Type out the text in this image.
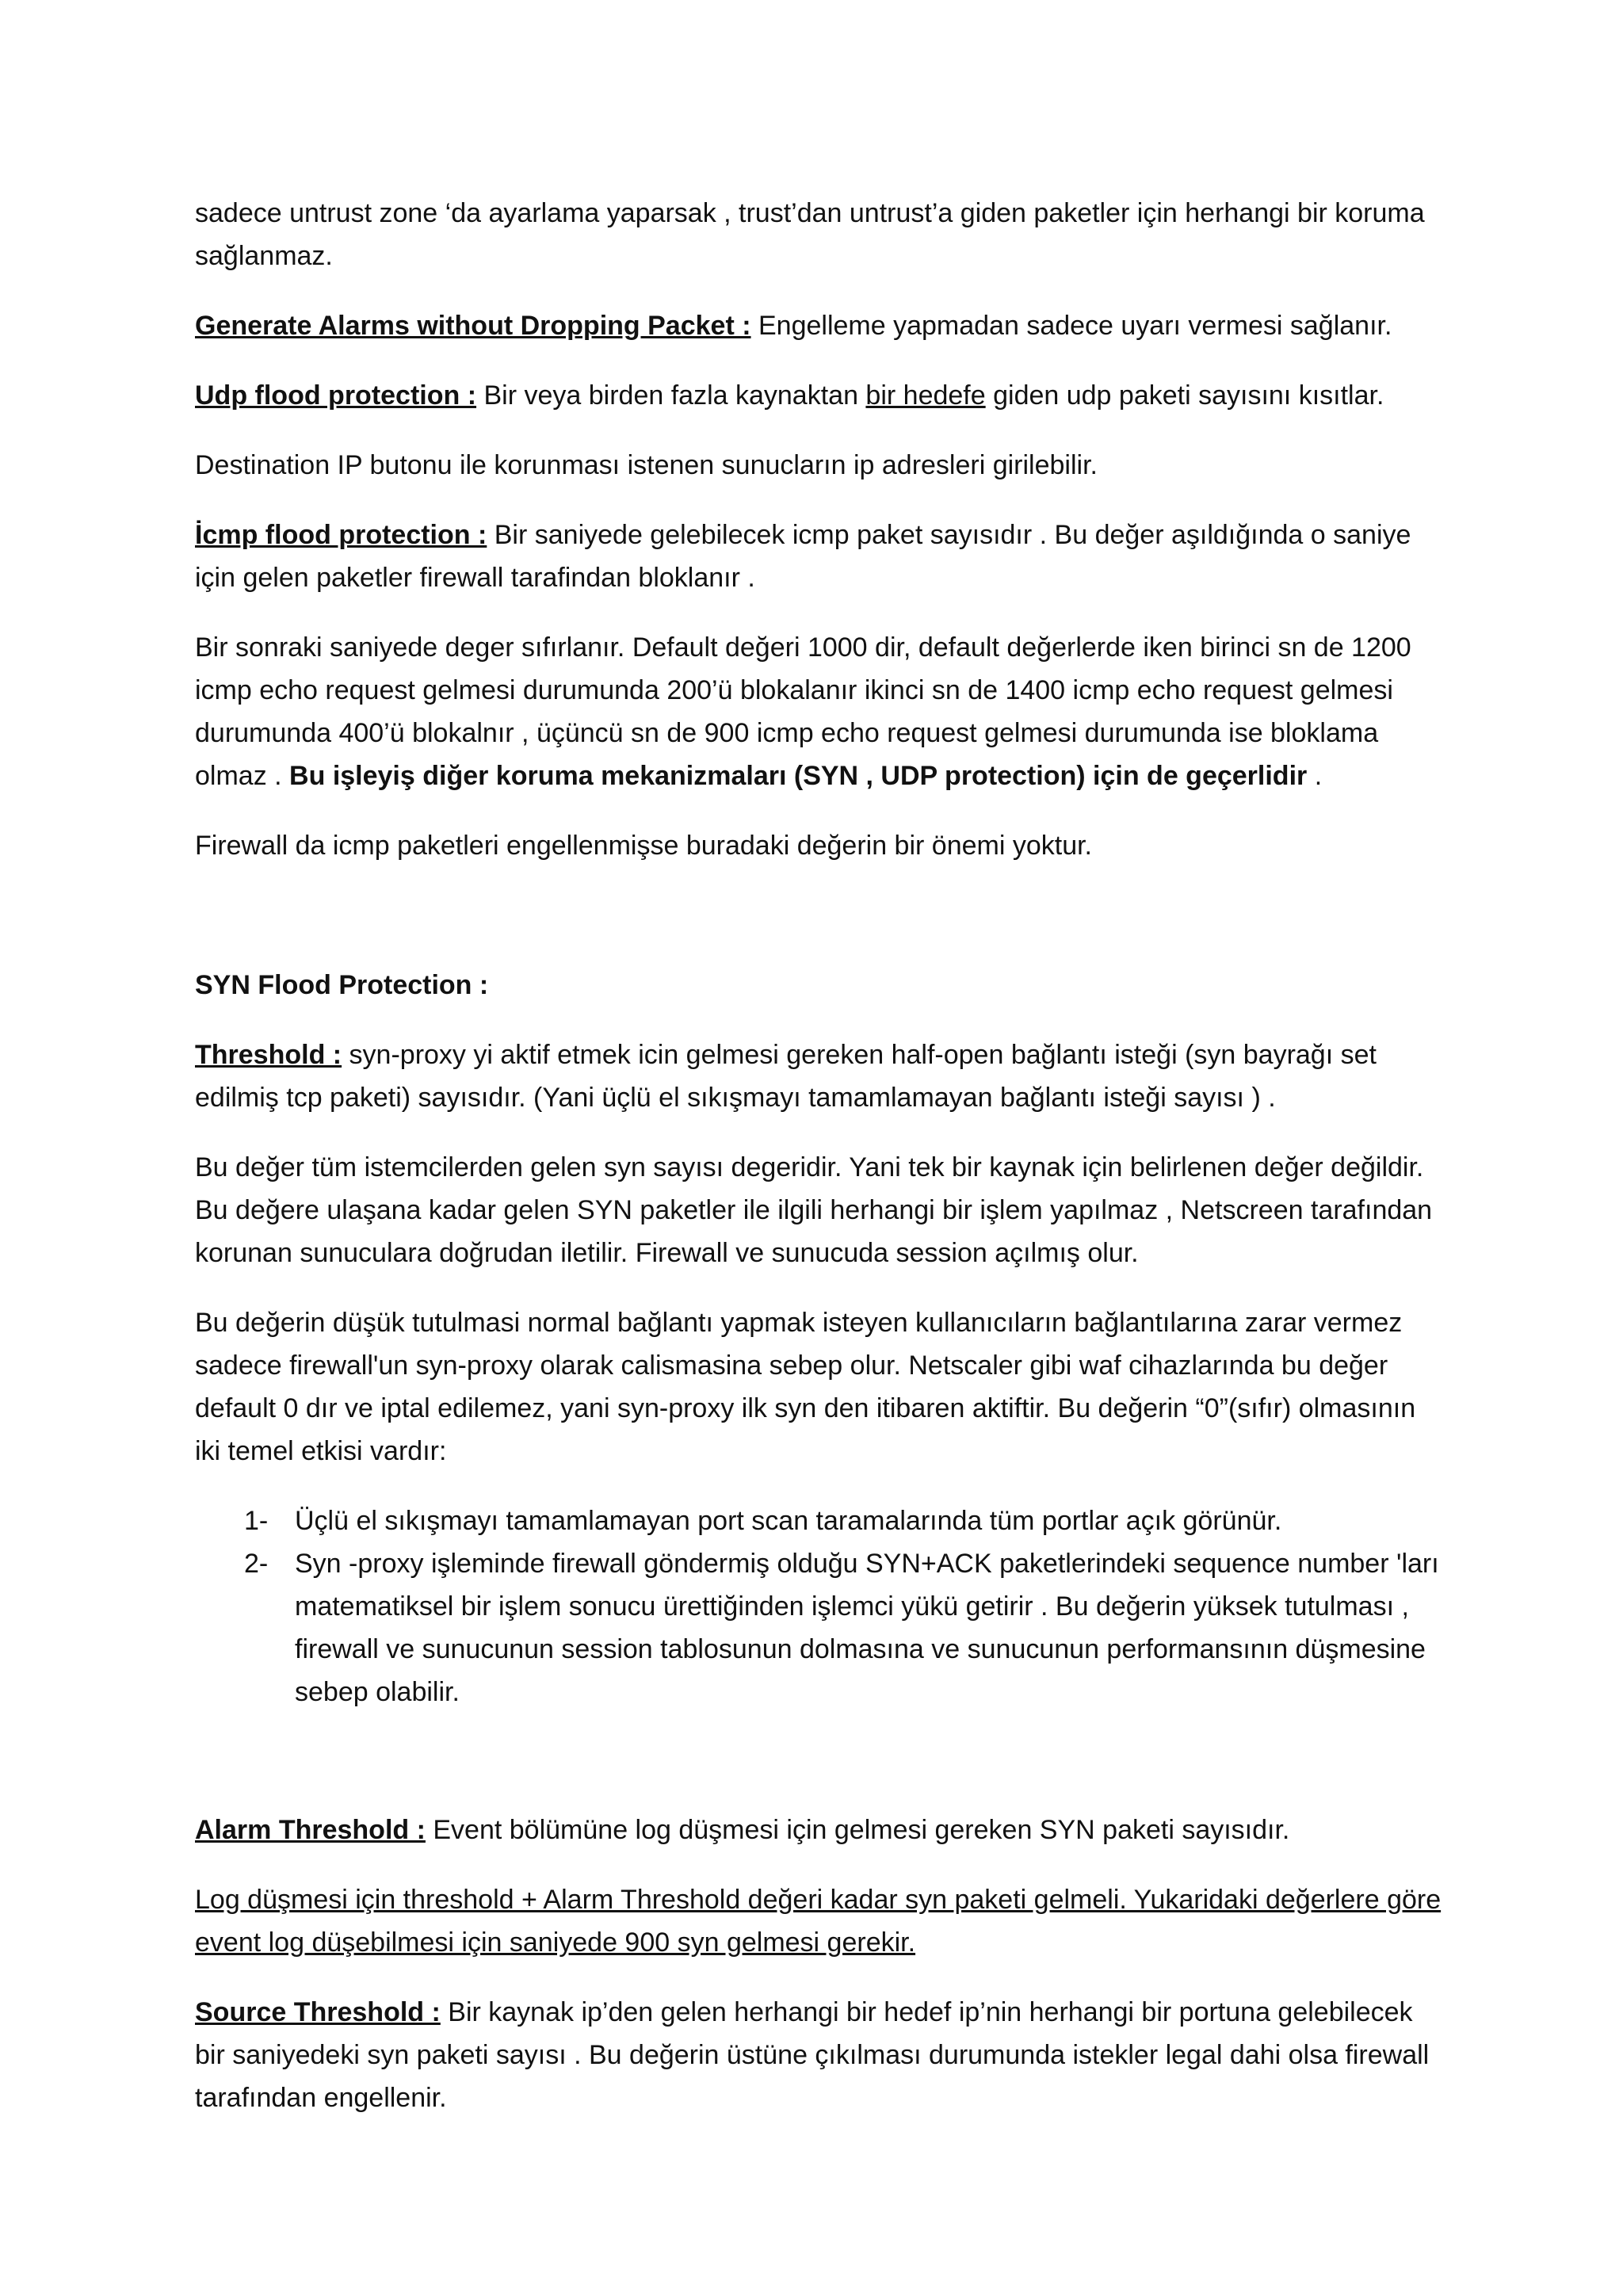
sadece untrust zone ‘da ayarlama yaparsak , trust’dan untrust’a giden paketler için herhangi bir koruma sağlanmaz.

Generate Alarms without Dropping Packet : Engelleme yapmadan sadece uyarı vermesi sağlanır.

Udp flood protection : Bir veya birden fazla kaynaktan bir hedefe giden udp paketi sayısını kısıtlar.

Destination IP butonu ile korunması istenen sunucların ip adresleri girilebilir.

İcmp flood protection : Bir saniyede gelebilecek icmp paket sayısıdır . Bu değer aşıldığında o saniye için gelen paketler firewall tarafindan bloklanır .

Bir sonraki saniyede deger sıfırlanır. Default değeri 1000 dir, default değerlerde iken birinci sn de 1200 icmp echo request gelmesi durumunda 200’ü blokalanır ikinci sn de 1400 icmp echo request gelmesi durumunda 400’ü blokalnır , üçüncü sn de 900 icmp echo request gelmesi durumunda ise bloklama olmaz . Bu işleyiş diğer koruma mekanizmaları (SYN , UDP protection) için de geçerlidir .

Firewall da icmp paketleri engellenmişse buradaki değerin bir önemi yoktur.

SYN Flood Protection :

Threshold : syn-proxy yi aktif etmek icin gelmesi gereken half-open bağlantı isteği (syn bayrağı set edilmiş tcp paketi) sayısıdır. (Yani üçlü el sıkışmayı tamamlamayan bağlantı isteği sayısı ) .

Bu değer tüm istemcilerden gelen syn sayısı degeridir. Yani tek bir kaynak için belirlenen değer değildir. Bu değere ulaşana kadar gelen SYN paketler ile ilgili herhangi bir işlem yapılmaz , Netscreen tarafından korunan sunuculara doğrudan iletilir. Firewall ve sunucuda session açılmış olur.

Bu değerin düşük tutulmasi normal bağlantı yapmak isteyen kullanıcıların bağlantılarına zarar vermez sadece firewall'un syn-proxy olarak calismasina sebep olur. Netscaler gibi waf cihazlarında bu değer default 0 dır ve iptal edilemez, yani syn-proxy ilk syn den itibaren aktiftir. Bu değerin “0”(sıfır) olmasının iki temel etkisi vardır:

1- Üçlü el sıkışmayı tamamlamayan port scan taramalarında tüm portlar açık görünür.
2- Syn -proxy işleminde firewall göndermiş olduğu SYN+ACK paketlerindeki sequence number 'ları matematiksel bir işlem sonucu ürettiğinden işlemci yükü getirir . Bu değerin yüksek tutulması , firewall ve sunucunun session tablosunun dolmasına ve sunucunun performansının düşmesine sebep olabilir.

Alarm Threshold : Event bölümüne log düşmesi için gelmesi gereken SYN paketi sayısıdır.

Log düşmesi için threshold + Alarm Threshold değeri kadar syn paketi gelmeli. Yukaridaki değerlere göre event log düşebilmesi için saniyede 900 syn gelmesi gerekir.

Source Threshold : Bir kaynak ip’den gelen herhangi bir hedef ip’nin herhangi bir portuna gelebilecek bir saniyedeki syn paketi sayısı . Bu değerin üstüne çıkılması durumunda istekler legal dahi olsa firewall tarafından engellenir.
